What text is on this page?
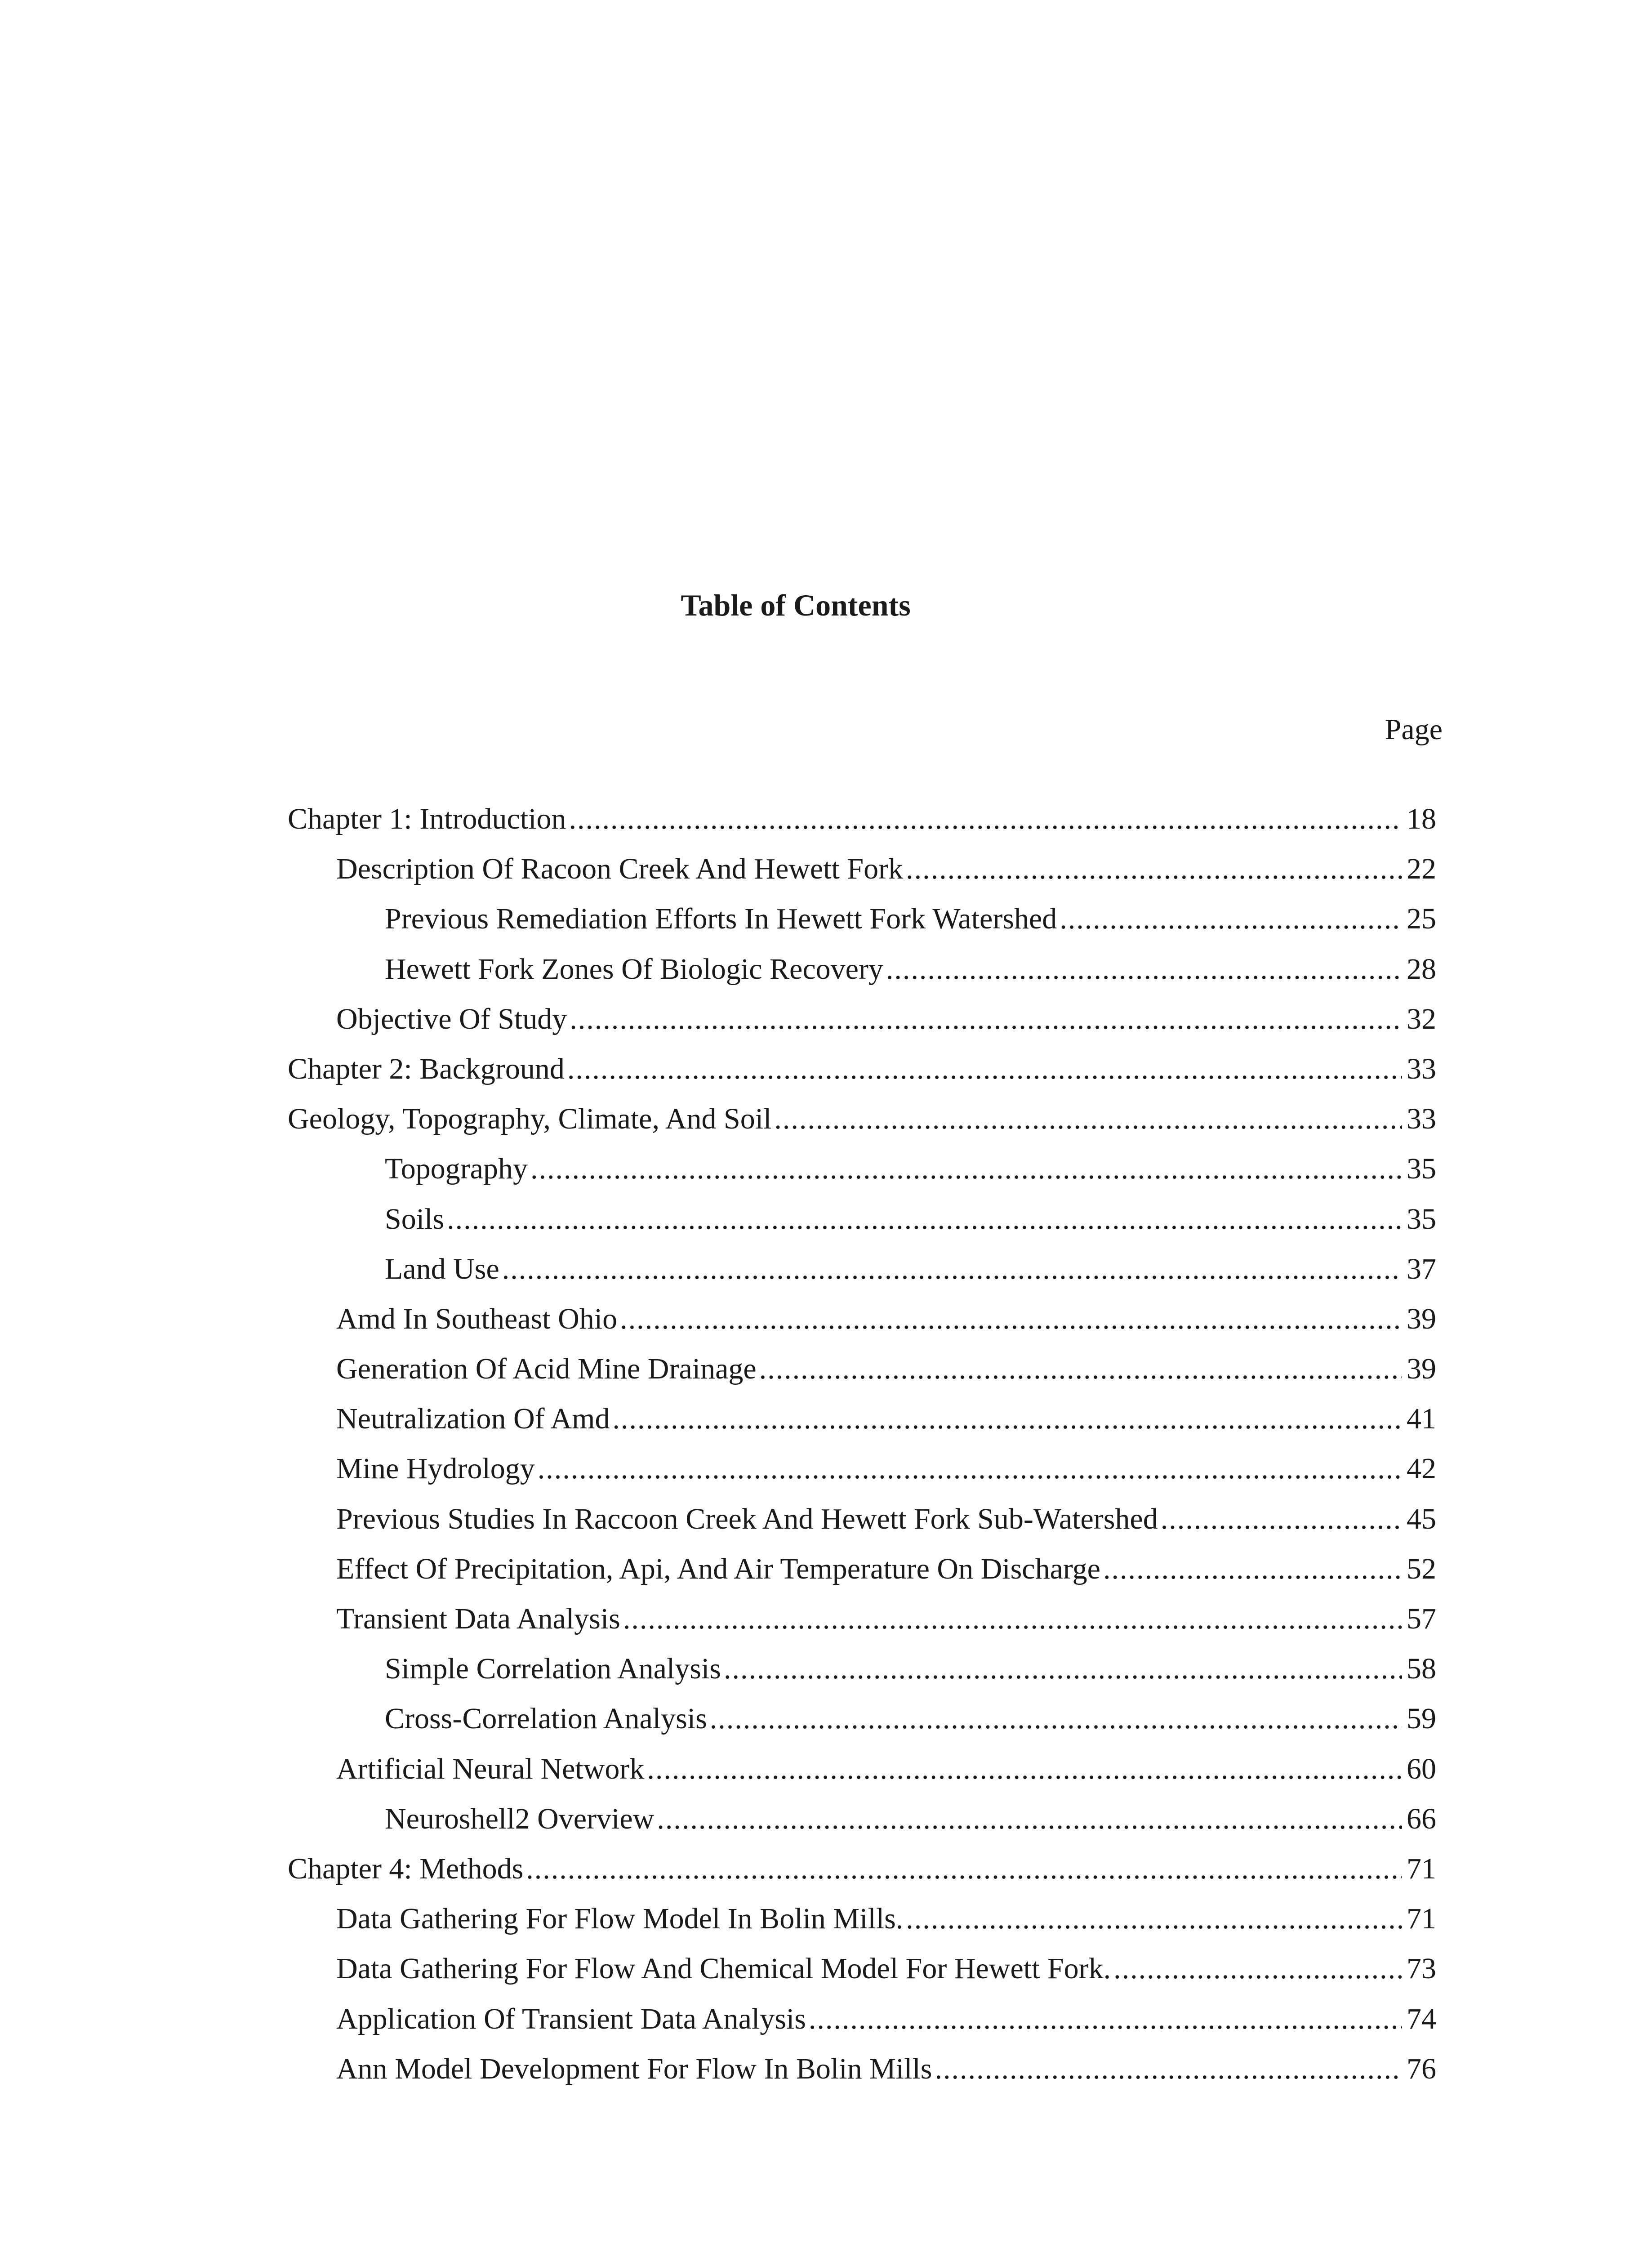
Table of Contents
Page
Chapter 1: Introduction .....	18
Description Of Racoon Creek And Hewett Fork .....	22
Previous Remediation Efforts In Hewett Fork Watershed .....	25
Hewett Fork Zones Of Biologic Recovery .....	28
Objective Of Study .....	32
Chapter 2: Background .....	33
Geology, Topography, Climate, And Soil .....	33
Topography .....	35
Soils .....	35
Land Use .....	37
Amd In Southeast Ohio .....	39
Generation Of Acid Mine Drainage .....	39
Neutralization Of Amd .....	41
Mine Hydrology .....	42
Previous Studies In Raccoon Creek And Hewett Fork Sub-Watershed .....	45
Effect Of Precipitation, Api, And Air Temperature On Discharge .....	52
Transient Data Analysis .....	57
Simple Correlation Analysis .....	58
Cross-Correlation Analysis .....	59
Artificial Neural Network .....	60
Neuroshell2 Overview .....	66
Chapter 4: Methods .....	71
Data Gathering For Flow Model In Bolin Mills. .....	71
Data Gathering For Flow And Chemical Model For Hewett Fork. .....	73
Application Of Transient Data Analysis .....	74
Ann Model Development For Flow In Bolin Mills .....	76
